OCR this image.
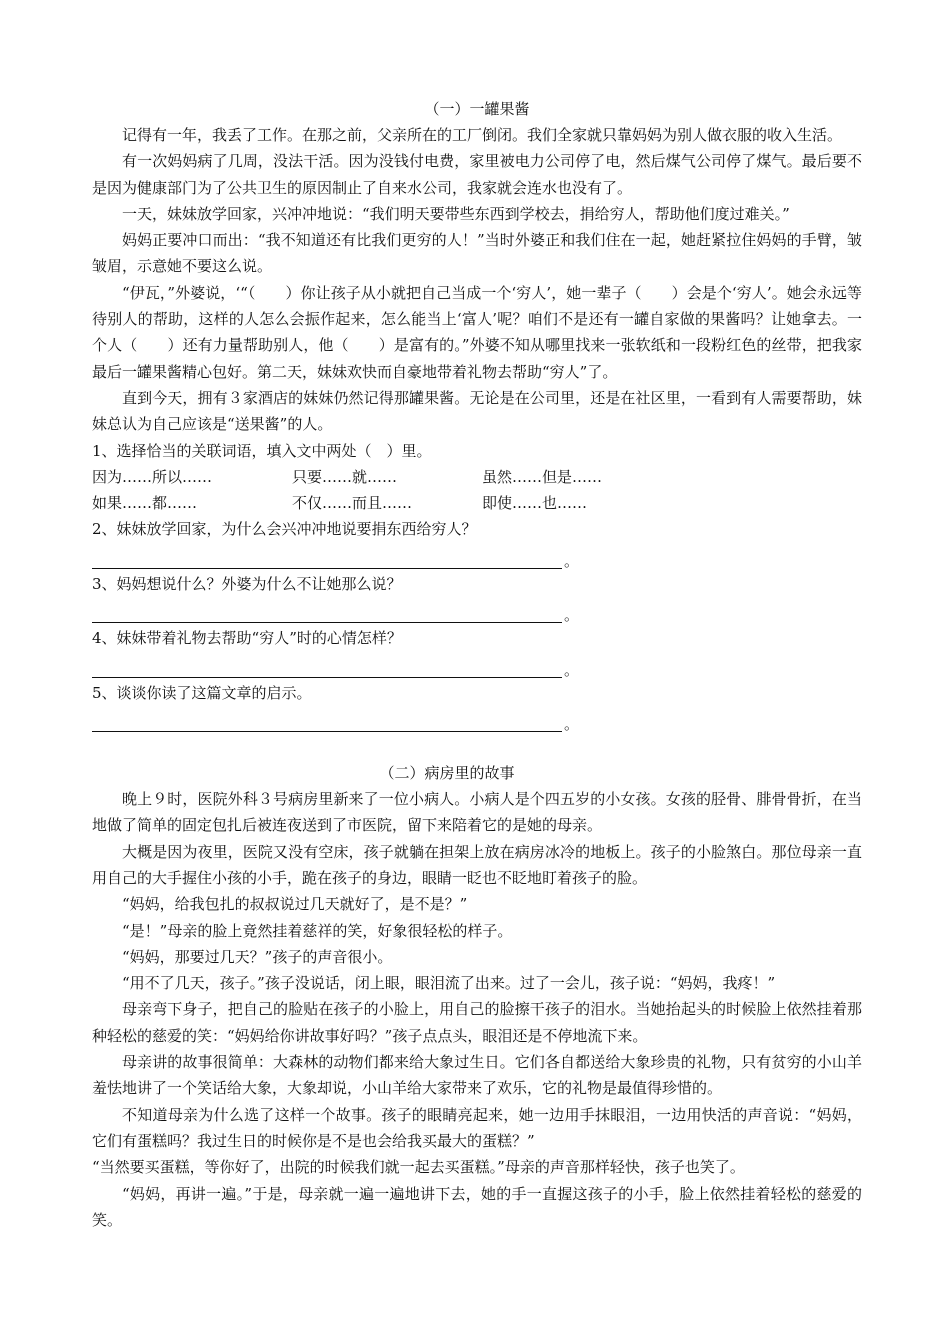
（一）一罐果酱

记得有一年，我丢了工作。在那之前，父亲所在的工厂倒闭。我们全家就只靠妈妈为别人做衣服的收入生活。

有一次妈妈病了几周，没法干活。因为没钱付电费，家里被电力公司停了电，然后煤气公司停了煤气。最后要不是因为健康部门为了公共卫生的原因制止了自来水公司，我家就会连水也没有了。

一天，妹妹放学回家，兴冲冲地说：“我们明天要带些东西到学校去，捐给穷人，帮助他们度过难关。”

妈妈正要冲口而出：“我不知道还有比我们更穷的人！”当时外婆正和我们住在一起，她赶紧拉住妈妈的手臂，皱皱眉，示意她不要这么说。

“伊瓦，”外婆说，‘“（　　）你让孩子从小就把自己当成一个‘穷人’，她一辈子（　　）会是个‘穷人’。她会永远等待别人的帮助，这样的人怎么会振作起来，怎么能当上‘富人’呢？咱们不是还有一罐自家做的果酱吗？让她拿去。一个人（　　）还有力量帮助别人，他（　　）是富有的。”外婆不知从哪里找来一张软纸和一段粉红色的丝带，把我家最后一罐果酱精心包好。第二天，妹妹欢快而自豪地带着礼物去帮助“穷人”了。

直到今天，拥有３家酒店的妹妹仍然记得那罐果酱。无论是在公司里，还是在社区里，一看到有人需要帮助，妹妹总认为自己应该是“送果酱”的人。

1、选择恰当的关联词语，填入文中两处（　）里。

因为……所以……	只要……就……	虽然……但是……
如果……都……	不仅……而且……	即使……也……

2、妹妹放学回家，为什么会兴冲冲地说要捐东西给穷人？

。

3、妈妈想说什么？外婆为什么不让她那么说？

。

4、妹妹带着礼物去帮助“穷人”时的心情怎样？

。

5、谈谈你读了这篇文章的启示。

。
（二）病房里的故事

晚上９时，医院外科３号病房里新来了一位小病人。小病人是个四五岁的小女孩。女孩的胫骨、腓骨骨折，在当地做了简单的固定包扎后被连夜送到了市医院，留下来陪着它的是她的母亲。

大概是因为夜里，医院又没有空床，孩子就躺在担架上放在病房冰冷的地板上。孩子的小脸煞白。那位母亲一直用自己的大手握住小孩的小手，跪在孩子的身边，眼睛一眨也不眨地盯着孩子的脸。

“妈妈，给我包扎的叔叔说过几天就好了，是不是？”

“是！”母亲的脸上竟然挂着慈祥的笑，好象很轻松的样子。

“妈妈，那要过几天？”孩子的声音很小。

“用不了几天，孩子。”孩子没说话，闭上眼，眼泪流了出来。过了一会儿，孩子说：“妈妈，我疼！”

母亲弯下身子，把自己的脸贴在孩子的小脸上，用自己的脸擦干孩子的泪水。当她抬起头的时候脸上依然挂着那种轻松的慈爱的笑：“妈妈给你讲故事好吗？”孩子点点头，眼泪还是不停地流下来。

母亲讲的故事很简单：大森林的动物们都来给大象过生日。它们各自都送给大象珍贵的礼物，只有贫穷的小山羊羞怯地讲了一个笑话给大象，大象却说，小山羊给大家带来了欢乐，它的礼物是最值得珍惜的。

不知道母亲为什么选了这样一个故事。孩子的眼睛亮起来，她一边用手抹眼泪，一边用快活的声音说：“妈妈，它们有蛋糕吗？我过生日的时候你是不是也会给我买最大的蛋糕？”

“当然要买蛋糕，等你好了，出院的时候我们就一起去买蛋糕。”母亲的声音那样轻快，孩子也笑了。

“妈妈，再讲一遍。”于是，母亲就一遍一遍地讲下去，她的手一直握这孩子的小手，脸上依然挂着轻松的慈爱的笑。
